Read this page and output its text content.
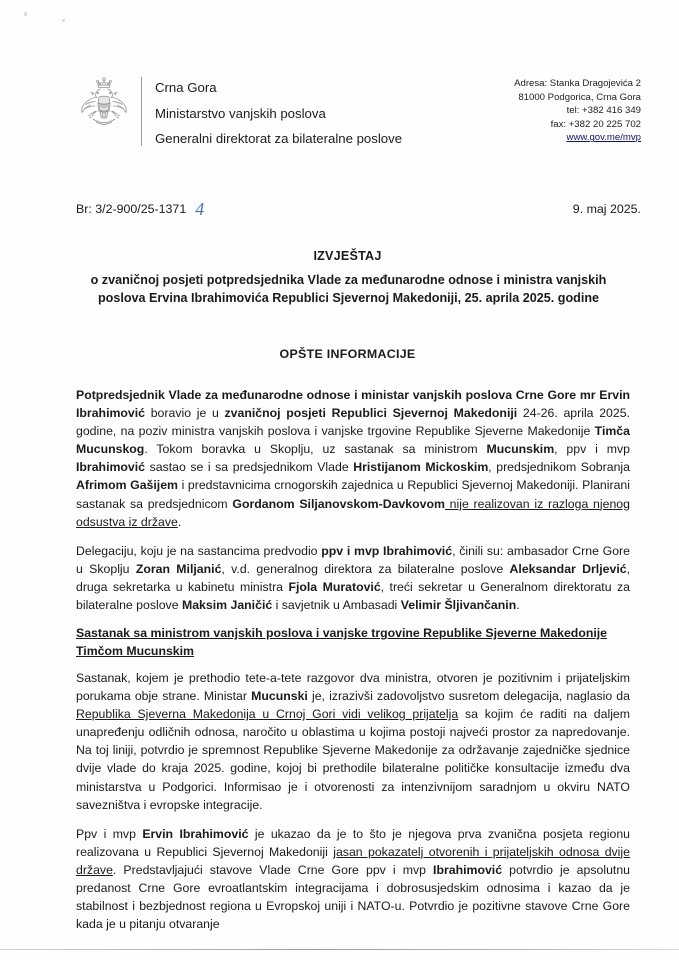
Crna Gora
Ministarstvo vanjskih poslova
Generalni direktorat za bilateralne poslove
Adresa: Stanka Dragojevića 2
81000 Podgorica, Crna Gora
tel: +382 416 349
fax: +382 20 225 702
www.gov.me/mvp
Br: 3/2-900/25-1371 4	9. maj 2025.
IZVJEŠTAJ
o zvaničnoj posjeti potpredsjednika Vlade za međunarodne odnose i ministra vanjskih poslova Ervina Ibrahimovića Republici Sjevernoj Makedoniji, 25. aprila 2025. godine
OPŠTE INFORMACIJE

Potpredsjednik Vlade za međunarodne odnose i ministar vanjskih poslova Crne Gore mr Ervin Ibrahimović boravio je u zvaničnoj posjeti Republici Sjevernoj Makedoniji 24-26. aprila 2025. godine, na poziv ministra vanjskih poslova i vanjske trgovine Republike Sjeverne Makedonije Timča Mucunskog. Tokom boravka u Skoplju, uz sastanak sa ministrom Mucunskim, ppv i mvp Ibrahimović sastao se i sa predsjednikom Vlade Hristijanom Mickoskim, predsjednikom Sobranja Afrimom Gašijem i predstavnicima crnogorskih zajednica u Republici Sjevernoj Makedoniji. Planirani sastanak sa predsjednicom Gordanom Siljanovskom-Davkovom nije realizovan iz razloga njenog odsustva iz države.

Delegaciju, koju je na sastancima predvodio ppv i mvp Ibrahimović, činili su: ambasador Crne Gore u Skoplju Zoran Miljanić, v.d. generalnog direktora za bilateralne poslove Aleksandar Drljević, druga sekretarka u kabinetu ministra Fjola Muratović, treći sekretar u Generalnom direktoratu za bilateralne poslove Maksim Janičić i savjetnik u Ambasadi Velimir Šljivančanin.

Sastanak sa ministrom vanjskih poslova i vanjske trgovine Republike Sjeverne Makedonije Timčom Mucunskim

Sastanak, kojem je prethodio tete-a-tete razgovor dva ministra, otvoren je pozitivnim i prijateljskim porukama obje strane. Ministar Mucunski je, izrazivši zadovoljstvo susretom delegacija, naglasio da Republika Sjeverna Makedonija u Crnoj Gori vidi velikog prijatelja sa kojim će raditi na daljem unapređenju odličnih odnosa, naročito u oblastima u kojima postoji najveći prostor za napredovanje. Na toj liniji, potvrdio je spremnost Republike Sjeverne Makedonije za održavanje zajedničke sjednice dvije vlade do kraja 2025. godine, kojoj bi prethodile bilateralne političke konsultacije između dva ministarstva u Podgorici. Informisao je i otvorenosti za intenzivnijom saradnjom u okviru NATO savezništva i evropske integracije.

Ppv i mvp Ervin Ibrahimović je ukazao da je to što je njegova prva zvanična posjeta regionu realizovana u Republici Sjevernoj Makedoniji jasan pokazatelj otvorenih i prijateljskih odnosa dvije države. Predstavljajući stavove Vlade Crne Gore ppv i mvp Ibrahimović potvrdio je apsolutnu predanost Crne Gore evroatlantskim integracijama i dobrosusjedskim odnosima i kazao da je stabilnost i bezbjednost regiona u Evropskoj uniji i NATO-u. Potvrdio je pozitivne stavove Crne Gore kada je u pitanju otvaranje
